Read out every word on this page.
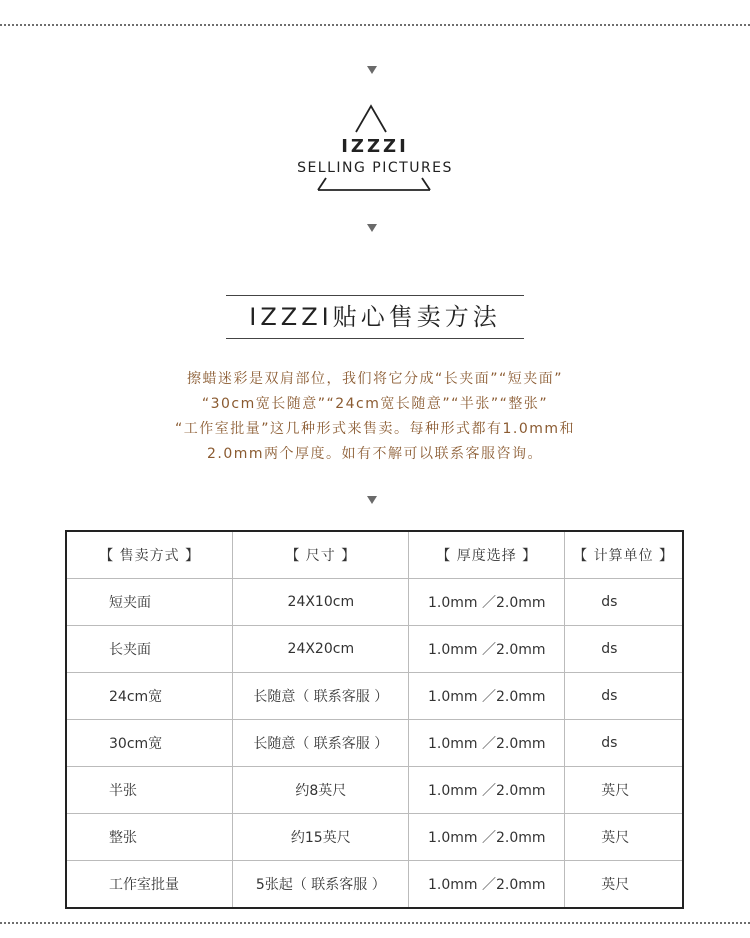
IZZZI
SELLING PICTURES
IZZZI贴心售卖方法
擦蜡迷彩是双肩部位，我们将它分成“长夹面”“短夹面”
“30cm宽长随意”“24cm宽长随意”“半张”“整张”
“工作室批量”这几种形式来售卖。每种形式都有1.0mm和
2.0mm两个厚度。如有不解可以联系客服咨询。
【 售卖方式 】	【 尺寸 】	【 厚度选择 】	【 计算单位 】
短夹面	24X10cm	1.0mm ／2.0mm	ds
长夹面	24X20cm	1.0mm ／2.0mm	ds
24cm宽	长随意（ 联系客服 ）	1.0mm ／2.0mm	ds
30cm宽	长随意（ 联系客服 ）	1.0mm ／2.0mm	ds
半张	约8英尺	1.0mm ／2.0mm	英尺
整张	约15英尺	1.0mm ／2.0mm	英尺
工作室批量	5张起（ 联系客服 ）	1.0mm ／2.0mm	英尺
